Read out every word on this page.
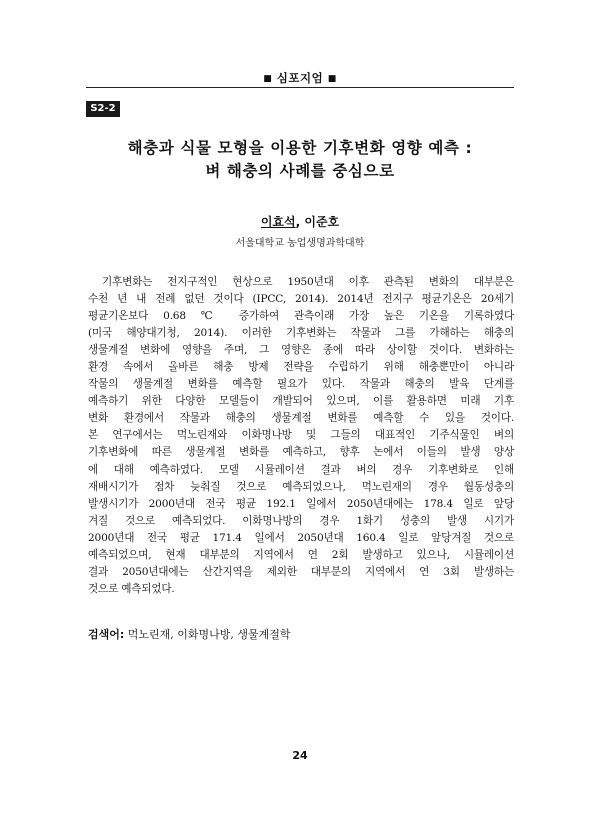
■ 심포지엄 ■
S2-2
해충과 식물 모형을 이용한 기후변화 영향 예측 :
벼 해충의 사례를 중심으로
이효석, 이준호
서울대학교 농업생명과학대학
기후변화는 전지구적인 현상으로 1950년대 이후 관측된 변화의 대부분은
수천 년 내 전례 없던 것이다 (IPCC, 2014). 2014년 전지구 평균기온은 20세기
평균기온보다 0.68 ℃ 증가하여 관측이래 가장 높은 기온을 기록하였다
(미국 해양대기청, 2014). 이러한 기후변화는 작물과 그를 가해하는 해충의
생물계절 변화에 영향을 주며, 그 영향은 종에 따라 상이할 것이다. 변화하는
환경 속에서 올바른 해충 방제 전략을 수립하기 위해 해충뿐만이 아니라
작물의 생물계절 변화를 예측할 필요가 있다. 작물과 해충의 발육 단계를
예측하기 위한 다양한 모델들이 개발되어 있으며, 이를 활용하면 미래 기후
변화 환경에서 작물과 해충의 생물계절 변화를 예측할 수 있을 것이다.
본 연구에서는 먹노린재와 이화명나방 및 그들의 대표적인 기주식물인 벼의
기후변화에 따른 생물계절 변화를 예측하고, 향후 논에서 이들의 발생 양상
에 대해 예측하였다. 모델 시뮬레이션 결과 벼의 경우 기후변화로 인해
재배시기가 점차 늦춰질 것으로 예측되었으나, 먹노린재의 경우 월동성충의
발생시기가 2000년대 전국 평균 192.1 일에서 2050년대에는 178.4 일로 앞당
겨질 것으로 예측되었다. 이화명나방의 경우 1화기 성충의 발생 시기가
2000년대 전국 평균 171.4 일에서 2050년대 160.4 일로 앞당겨질 것으로
예측되었으며, 현재 대부분의 지역에서 연 2회 발생하고 있으나, 시뮬레이션
결과 2050년대에는 산간지역을 제외한 대부분의 지역에서 연 3회 발생하는
것으로 예측되었다.
검색어: 먹노린재, 이화명나방, 생물계절학
24
